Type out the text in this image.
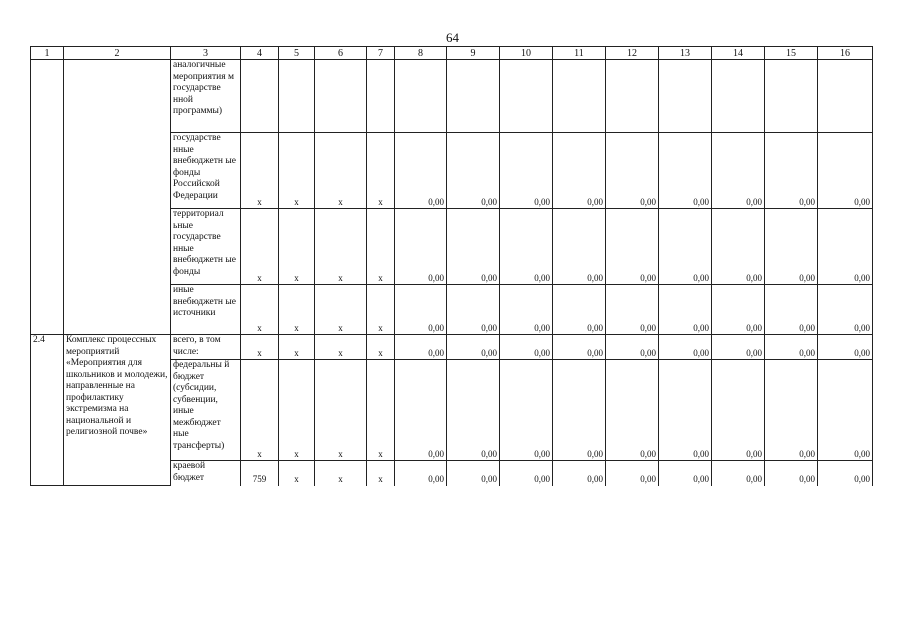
64
1	2	3	4	5	6	7	8	9	10	11	12	13	14	15	16
		аналогичные мероприятия м государстве нной программы)													
		государстве нные внебюджетн ые фонды Российской Федерации	х	х	х	х	0,00	0,00	0,00	0,00	0,00	0,00	0,00	0,00	0,00
		территориал ьные государстве нные внебюджетн ые фонды	х	х	х	х	0,00	0,00	0,00	0,00	0,00	0,00	0,00	0,00	0,00
		иные внебюджетн ые источники	х	х	х	х	0,00	0,00	0,00	0,00	0,00	0,00	0,00	0,00	0,00
2.4	Комплекс процессных мероприятий «Мероприятия для школьников и молодежи, направленные на профилактику экстремизма на национальной и религиозной почве»	всего, в том числе:	х	х	х	х	0,00	0,00	0,00	0,00	0,00	0,00	0,00	0,00	0,00
		федеральны й бюджет (субсидии, субвенции, иные межбюджет ные трансферты)	х	х	х	х	0,00	0,00	0,00	0,00	0,00	0,00	0,00	0,00	0,00
		краевой бюджет	759	х	х	х	0,00	0,00	0,00	0,00	0,00	0,00	0,00	0,00	0,00
